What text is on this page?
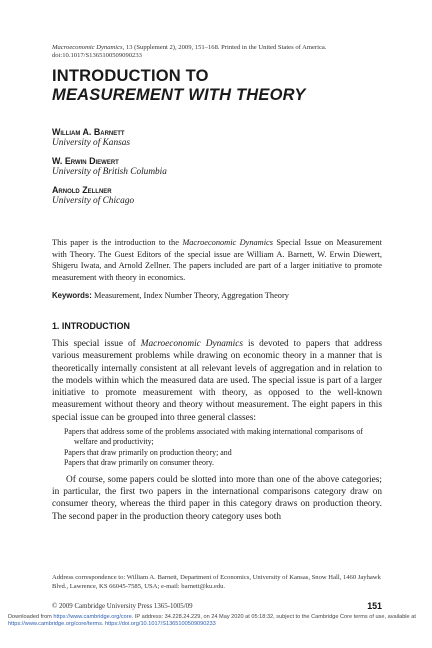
Macroeconomic Dynamics, 13 (Supplement 2), 2009, 151–168. Printed in the United States of America.
doi:10.1017/S1365100509090233
INTRODUCTION TO
MEASUREMENT WITH THEORY
William A. Barnett
University of Kansas
W. Erwin Diewert
University of British Columbia
Arnold Zellner
University of Chicago
This paper is the introduction to the Macroeconomic Dynamics Special Issue on Measurement with Theory. The Guest Editors of the special issue are William A. Barnett, W. Erwin Diewert, Shigeru Iwata, and Arnold Zellner. The papers included are part of a larger initiative to promote measurement with theory in economics.
Keywords: Measurement, Index Number Theory, Aggregation Theory
1. INTRODUCTION

This special issue of Macroeconomic Dynamics is devoted to papers that address various measurement problems while drawing on economic theory in a manner that is theoretically internally consistent at all relevant levels of aggregation and in relation to the models within which the measured data are used. The special issue is part of a larger initiative to promote measurement with theory, as opposed to the well-known measurement without theory and theory without measurement. The eight papers in this special issue can be grouped into three general classes:

Papers that address some of the problems associated with making international comparisons of welfare and productivity;
Papers that draw primarily on production theory; and
Papers that draw primarily on consumer theory.

Of course, some papers could be slotted into more than one of the above categories; in particular, the first two papers in the international comparisons category draw on consumer theory, whereas the third paper in this category draws on production theory. The second paper in the production theory category uses both

Address correspondence to: William A. Barnett, Department of Economics, University of Kansas, Snow Hall, 1460 Jayhawk Blvd., Lawrence, KS 66045-7585, USA; e-mail: barnett@ku.edu.
© 2009 Cambridge University Press 1365-1005/09	151
Downloaded from https://www.cambridge.org/core. IP address: 34.228.24.229, on 24 May 2020 at 05:18:32, subject to the Cambridge Core terms of use, available at https://www.cambridge.org/core/terms. https://doi.org/10.1017/S1365100509090233
